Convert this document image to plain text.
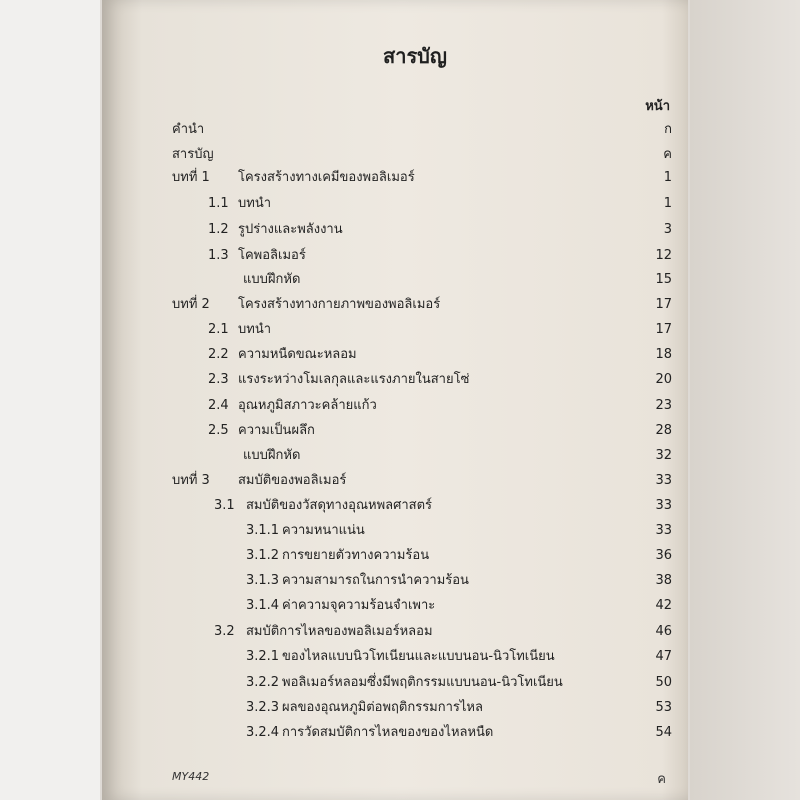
สารบัญ
หน้า
คำนำ	ก
สารบัญ	ค
บทที่ 1 โครงสร้างทางเคมีของพอลิเมอร์	1
1.1 บทนำ	1
1.2 รูปร่างและพลังงาน	3
1.3 โคพอลิเมอร์	12
แบบฝึกหัด	15
บทที่ 2 โครงสร้างทางกายภาพของพอลิเมอร์	17
2.1 บทนำ	17
2.2 ความหนืดขณะหลอม	18
2.3 แรงระหว่างโมเลกุลและแรงภายในสายโซ่	20
2.4 อุณหภูมิสภาวะคล้ายแก้ว	23
2.5 ความเป็นผลึก	28
แบบฝึกหัด	32
บทที่ 3 สมบัติของพอลิเมอร์	33
3.1 สมบัติของวัสดุทางอุณหพลศาสตร์	33
3.1.1 ความหนาแน่น	33
3.1.2 การขยายตัวทางความร้อน	36
3.1.3 ความสามารถในการนำความร้อน	38
3.1.4 ค่าความจุความร้อนจำเพาะ	42
3.2 สมบัติการไหลของพอลิเมอร์หลอม	46
3.2.1 ของไหลแบบนิวโทเนียนและแบบนอน-นิวโทเนียน	47
3.2.2 พอลิเมอร์หลอมซึ่งมีพฤติกรรมแบบนอน-นิวโทเนียน	50
3.2.3 ผลของอุณหภูมิต่อพฤติกรรมการไหล	53
3.2.4 การวัดสมบัติการไหลของของไหลหนืด	54
MY442	ค
